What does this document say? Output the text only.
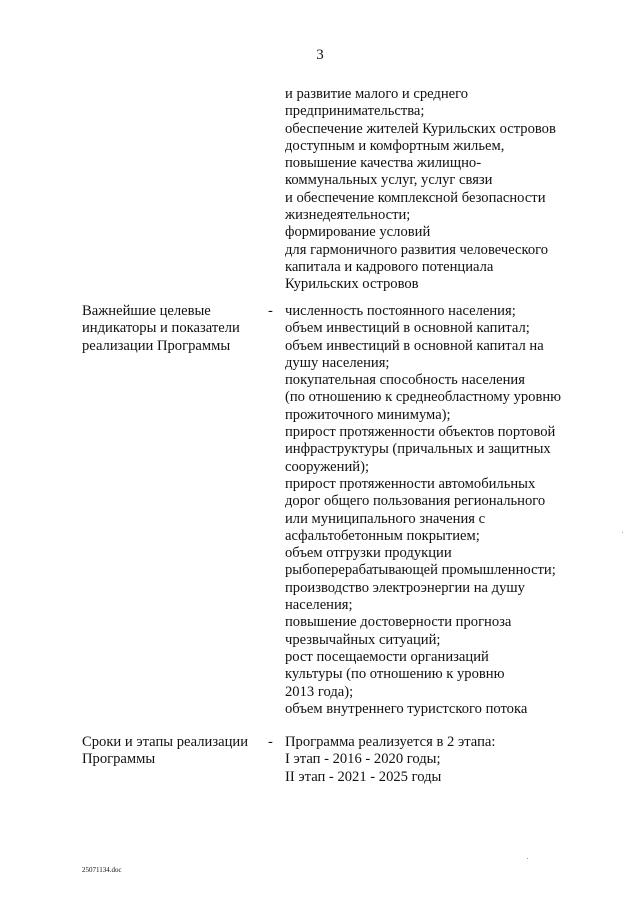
3
и развитие малого и среднего
предпринимательства;
обеспечение жителей Курильских островов
доступным и комфортным жильем,
повышение качества жилищно-
коммунальных услуг, услуг связи
и обеспечение комплексной безопасности
жизнедеятельности;
формирование условий
для гармоничного развития человеческого
капитала и кадрового потенциала
Курильских островов
Важнейшие целевые
индикаторы и показатели
реализации Программы
- численность постоянного населения;
объем инвестиций в основной капитал;
объем инвестиций в основной капитал на
душу населения;
покупательная способность населения
(по отношению к среднеобластному уровню
прожиточного минимума);
прирост протяженности объектов портовой
инфраструктуры (причальных и защитных
сооружений);
прирост протяженности автомобильных
дорог общего пользования регионального
или муниципального значения с
асфальтобетонным покрытием;
объем отгрузки продукции
рыбоперерабатывающей промышленности;
производство электроэнергии на душу
населения;
повышение достоверности прогноза
чрезвычайных ситуаций;
рост посещаемости организаций
культуры (по отношению к уровню
2013 года);
объем внутреннего туристского потока
Сроки и этапы реализации
Программы
- Программа реализуется в 2 этапа:
I этап - 2016 - 2020 годы;
II этап - 2021 - 2025 годы
25071134.doc
